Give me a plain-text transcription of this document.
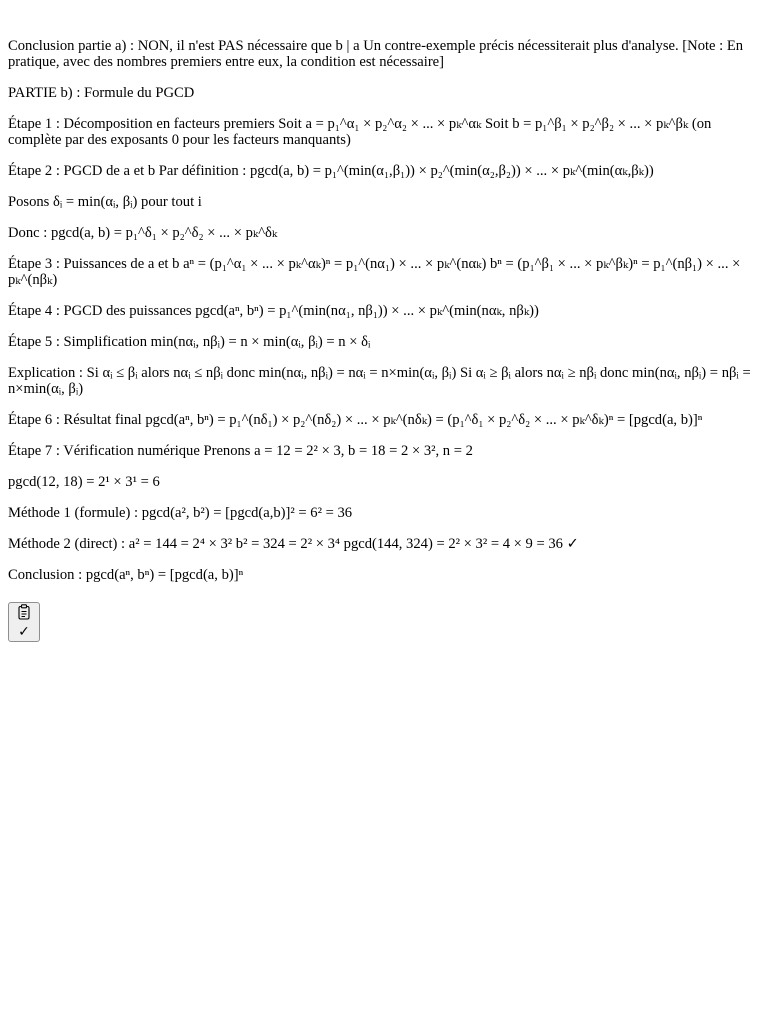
Conclusion partie a) : NON, il n'est PAS nécessaire que b | a Un contre-exemple précis nécessiterait plus d'analyse. [Note : En pratique, avec des nombres premiers entre eux, la condition est nécessaire]

PARTIE b) : Formule du PGCD

Étape 1 : Décomposition en facteurs premiers Soit a = p₁^α₁ × p₂^α₂ × ... × pₖ^αₖ Soit b = p₁^β₁ × p₂^β₂ × ... × pₖ^βₖ (on complète par des exposants 0 pour les facteurs manquants)

Étape 2 : PGCD de a et b Par définition : pgcd(a, b) = p₁^(min(α₁,β₁)) × p₂^(min(α₂,β₂)) × ... × pₖ^(min(αₖ,βₖ))

Posons δᵢ = min(αᵢ, βᵢ) pour tout i

Donc : pgcd(a, b) = p₁^δ₁ × p₂^δ₂ × ... × pₖ^δₖ

Étape 3 : Puissances de a et b aⁿ = (p₁^α₁ × ... × pₖ^αₖ)ⁿ = p₁^(nα₁) × ... × pₖ^(nαₖ) bⁿ = (p₁^β₁ × ... × pₖ^βₖ)ⁿ = p₁^(nβ₁) × ... × pₖ^(nβₖ)

Étape 4 : PGCD des puissances pgcd(aⁿ, bⁿ) = p₁^(min(nα₁, nβ₁)) × ... × pₖ^(min(nαₖ, nβₖ))

Étape 5 : Simplification min(nαᵢ, nβᵢ) = n × min(αᵢ, βᵢ) = n × δᵢ

Explication : Si αᵢ ≤ βᵢ alors nαᵢ ≤ nβᵢ donc min(nαᵢ, nβᵢ) = nαᵢ = n×min(αᵢ, βᵢ) Si αᵢ ≥ βᵢ alors nαᵢ ≥ nβᵢ donc min(nαᵢ, nβᵢ) = nβᵢ = n×min(αᵢ, βᵢ)

Étape 6 : Résultat final pgcd(aⁿ, bⁿ) = p₁^(nδ₁) × p₂^(nδ₂) × ... × pₖ^(nδₖ) = (p₁^δ₁ × p₂^δ₂ × ... × pₖ^δₖ)ⁿ = [pgcd(a, b)]ⁿ

Étape 7 : Vérification numérique Prenons a = 12 = 2² × 3, b = 18 = 2 × 3², n = 2

pgcd(12, 18) = 2¹ × 3¹ = 6

Méthode 1 (formule) : pgcd(a², b²) = [pgcd(a,b)]² = 6² = 36

Méthode 2 (direct) : a² = 144 = 2⁴ × 3² b² = 324 = 2² × 3⁴ pgcd(144, 324) = 2² × 3² = 4 × 9 = 36 ✓

Conclusion : pgcd(aⁿ, bⁿ) = [pgcd(a, b)]ⁿ

✓
